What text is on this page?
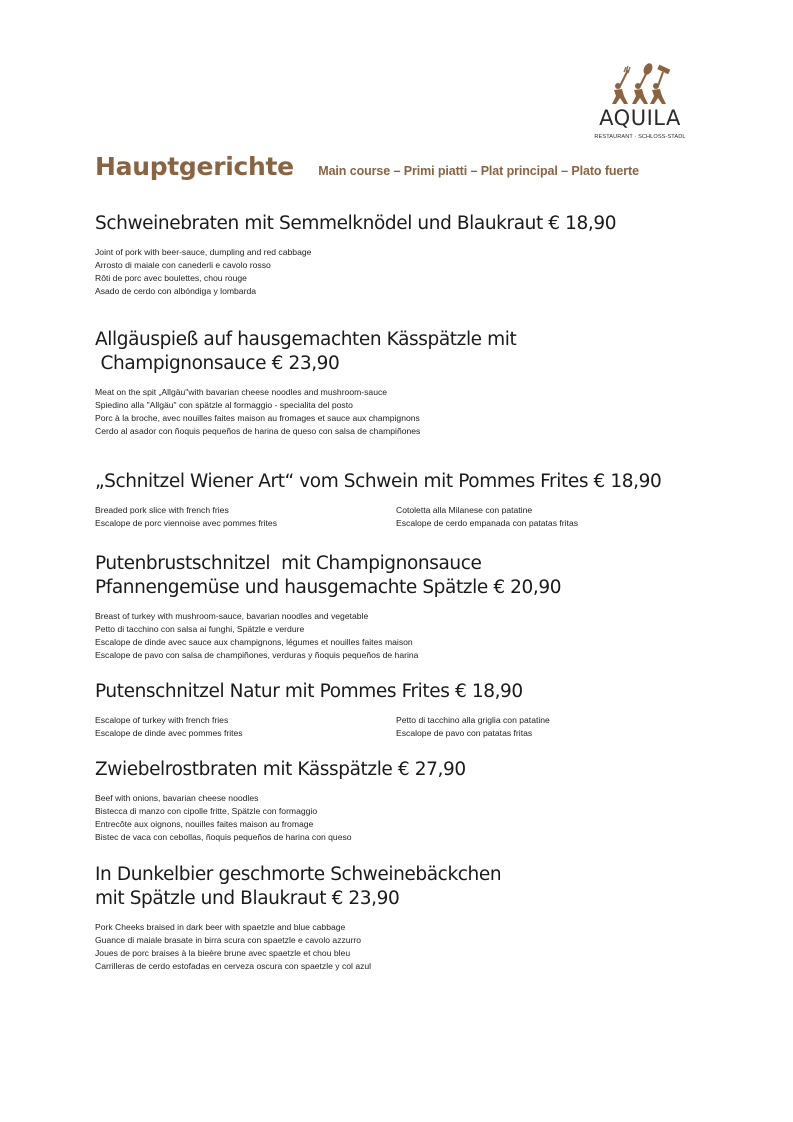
AQUILA
RESTAURANT · SCHLOSS-STADL
Hauptgerichte Main course – Primi piatti – Plat principal – Plato fuerte
Schweinebraten mit Semmelknödel und Blaukraut € 18,90
Joint of pork with beer-sauce, dumpling and red cabbage
Arrosto di maiale con canederli e cavolo rosso
Rôti de porc avec boulettes, chou rouge
Asado de cerdo con albóndiga y lombarda
Allgäuspieß auf hausgemachten Kässpätzle mit
Champignonsauce € 23,90
Meat on the spit „Allgäu"with bavarian cheese noodles and mushroom-sauce
Spiedino alla "Allgäu" con spätzle al formaggio - specialita del posto
Porc à la broche, avec nouilles faites maison au fromages et sauce aux champignons
Cerdo al asador con ñoquis pequeños de harina de queso con salsa de champiñones
„Schnitzel Wiener Art“ vom Schwein mit Pommes Frites € 18,90
Breaded pork slice with french fries
Escalope de porc viennoise avec pommes frites
Cotoletta alla Milanese con patatine
Escalope de cerdo empanada con patatas fritas
Putenbrustschnitzel  mit Champignonsauce
Pfannengemüse und hausgemachte Spätzle € 20,90
Breast of turkey with mushroom-sauce, bavarian noodles and vegetable
Petto di tacchino con salsa ai funghi, Spätzle e verdure
Escalope de dinde avec sauce aux champignons, légumes et nouilles faites maison
Escalope de pavo con salsa de champiñones, verduras y ñoquis pequeños de harina
Putenschnitzel Natur mit Pommes Frites € 18,90
Escalope of turkey with french fries
Escalope de dinde avec pommes frites
Petto di tacchino alla griglia con patatine
Escalope de pavo con patatas fritas
Zwiebelrostbraten mit Kässpätzle € 27,90
Beef with onions, bavarian cheese noodles
Bistecca di manzo con cipolle fritte, Spätzle con formaggio
Entrecôte aux oignons, nouilles faites maison au fromage
Bistec de vaca con cebollas, ñoquis pequeños de harina con queso
In Dunkelbier geschmorte Schweinebäckchen
mit Spätzle und Blaukraut € 23,90
Pork Cheeks braised in dark beer with spaetzle and blue cabbage
Guance di maiale brasate in birra scura con spaetzle e cavolo azzurro
Joues de porc braises à la bieère brune avec spaetzle et chou bleu
Carrilleras de cerdo estofadas en cerveza oscura con spaetzle y col azul
